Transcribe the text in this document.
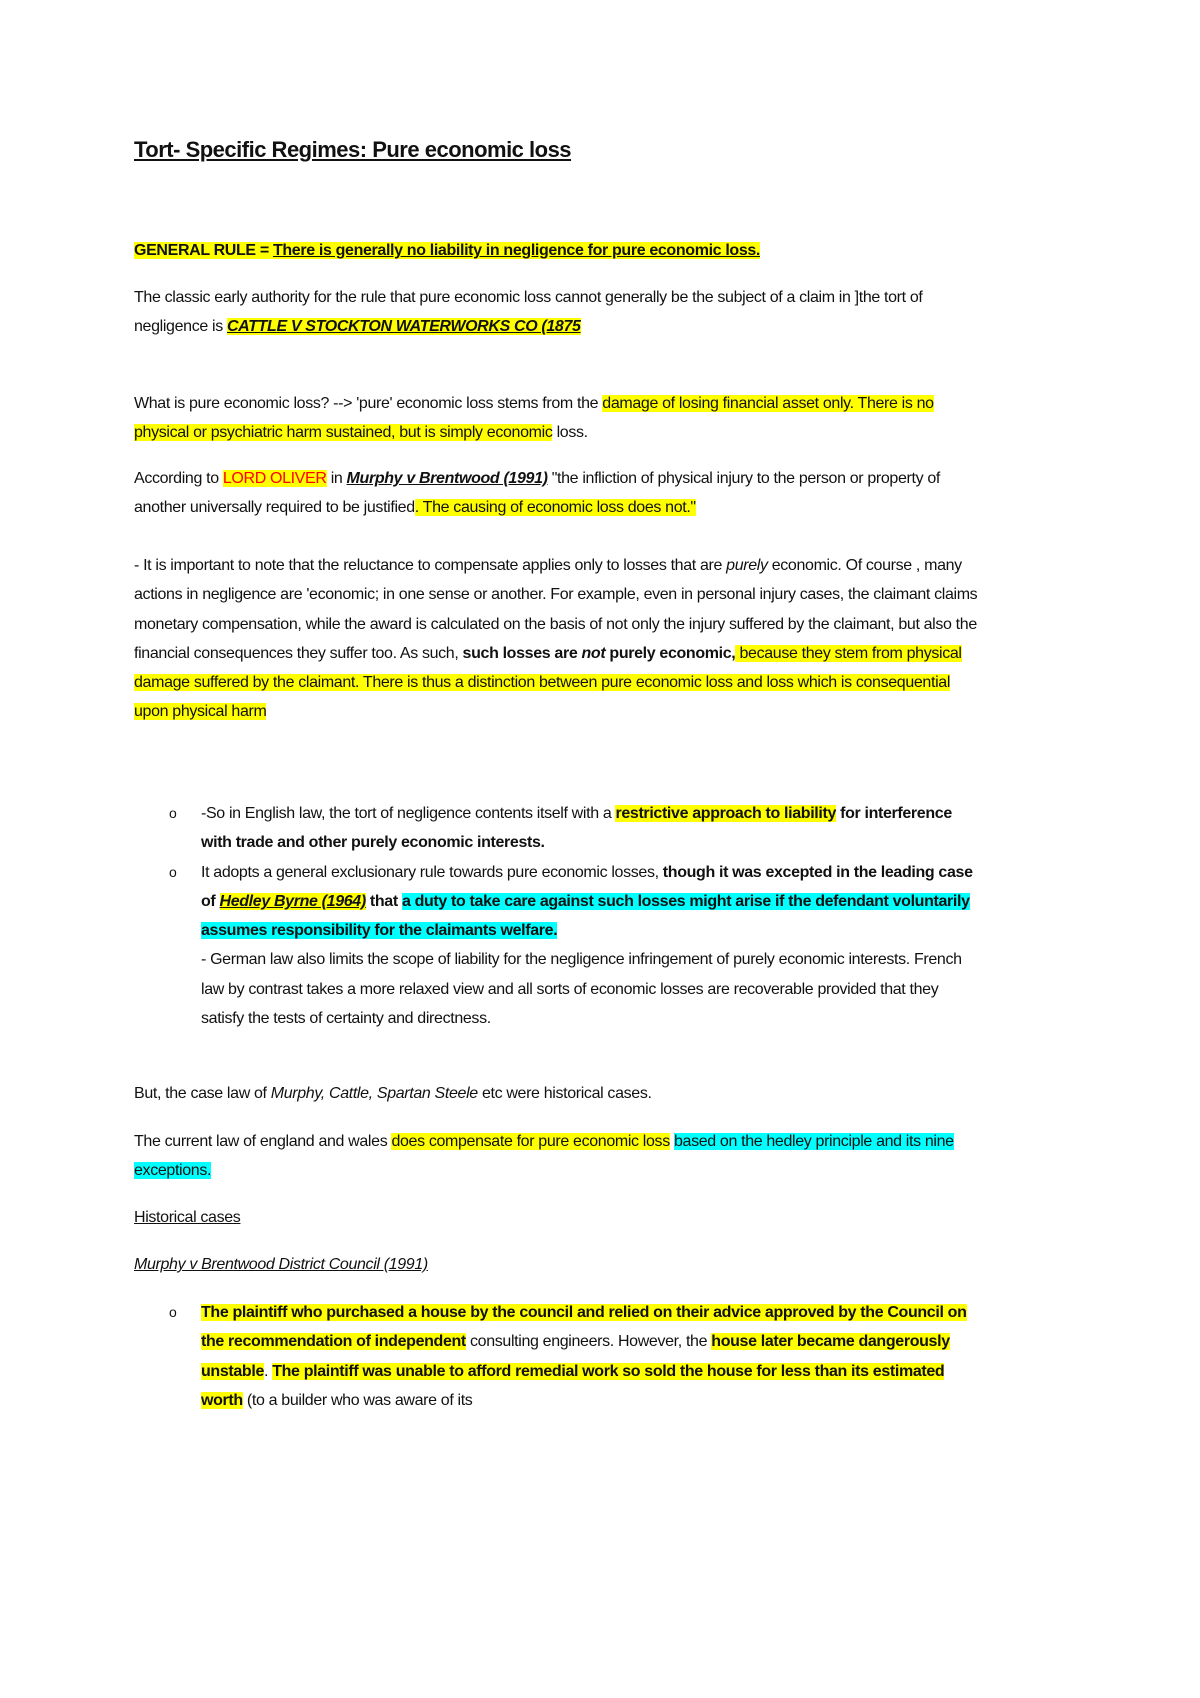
Tort- Specific Regimes: Pure economic loss
GENERAL RULE = There is generally no liability in negligence for pure economic loss.
The classic early authority for the rule that pure economic loss cannot generally be the subject of a claim in ]the tort of negligence is CATTLE V STOCKTON WATERWORKS CO (1875
What is pure economic loss? --> 'pure' economic loss stems from the damage of losing financial asset only. There is no physical or psychiatric harm sustained, but is simply economic loss.
According to LORD OLIVER in Murphy v Brentwood (1991) "the infliction of physical injury to the person or property of another universally required to be justified. The causing of economic loss does not."
- It is important to note that the reluctance to compensate applies only to losses that are purely economic. Of course , many actions in negligence are 'economic; in one sense or another. For example, even in personal injury cases, the claimant claims monetary compensation, while the award is calculated on the basis of not only the injury suffered by the claimant, but also the financial consequences they suffer too. As such, such losses are not purely economic, because they stem from physical damage suffered by the claimant. There is thus a distinction between pure economic loss and loss which is consequential upon physical harm
o -So in English law, the tort of negligence contents itself with a restrictive approach to liability for interference with trade and other purely economic interests.
o It adopts a general exclusionary rule towards pure economic losses, though it was excepted in the leading case of Hedley Byrne (1964) that a duty to take care against such losses might arise if the defendant voluntarily assumes responsibility for the claimants welfare.
- German law also limits the scope of liability for the negligence infringement of purely economic interests. French law by contrast takes a more relaxed view and all sorts of economic losses are recoverable provided that they satisfy the tests of certainty and directness.
But, the case law of Murphy, Cattle, Spartan Steele etc were historical cases.
The current law of england and wales does compensate for pure economic loss based on the hedley principle and its nine exceptions.
Historical cases
Murphy v Brentwood District Council (1991)
o The plaintiff who purchased a house by the council and relied on their advice approved by the Council on the recommendation of independent consulting engineers. However, the house later became dangerously unstable. The plaintiff was unable to afford remedial work so sold the house for less than its estimated worth (to a builder who was aware of its
